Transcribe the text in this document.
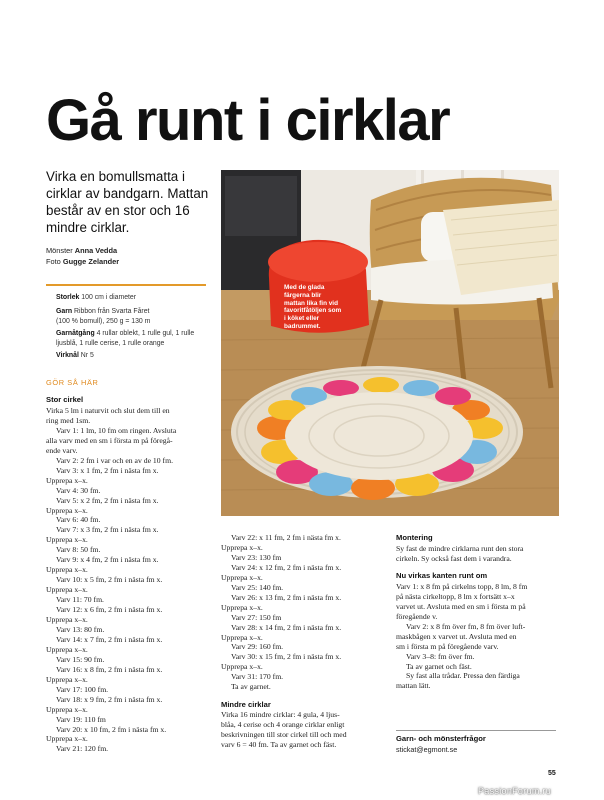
Gå runt i cirklar
Virka en bomullsmatta i cirklar av bandgarn. Mattan består av en stor och 16 mindre cirklar.
Mönster Anna Vedda
Foto Gugge Zelander
Storlek 100 cm i diameter
Garn Ribbon från Svarta Fåret
(100 % bomull), 250 g = 130 m
Garnåtgång 4 rullar oblekt, 1 rulle gul, 1 rulle
ljusblå, 1 rulle cerise, 1 rulle orange
Virknål Nr 5
GÖR SÅ HÄR
Stor cirkel
Virka 5 lm i naturvit och slut dem till en
ring med 1sm.
Varv 1: 1 lm, 10 fm om ringen. Avsluta
alla varv med en sm i första m på föregå-
ende varv.
Varv 2: 2 fm i var och en av de 10 fm.
Varv 3: x 1 fm, 2 fm i nästa fm x.
Upprepa x–x.
Varv 4: 30 fm.
Varv 5: x 2 fm, 2 fm i nästa fm x.
Upprepa x–x.
Varv 6: 40 fm.
Varv 7: x 3 fm, 2 fm i nästa fm x.
Upprepa x–x.
Varv 8: 50 fm.
Varv 9: x 4 fm, 2 fm i nästa fm x.
Upprepa x–x.
Varv 10: x 5 fm, 2 fm i nästa fm x.
Upprepa x–x.
Varv 11: 70 fm.
Varv 12: x 6 fm, 2 fm i nästa fm x.
Upprepa x–x.
Varv 13: 80 fm.
Varv 14: x 7 fm, 2 fm i nästa fm x.
Upprepa x–x.
Varv 15: 90 fm.
Varv 16: x 8 fm, 2 fm i nästa fm x.
Upprepa x–x.
Varv 17: 100 fm.
Varv 18: x 9 fm, 2 fm i nästa fm x.
Upprepa x–x.
Varv 19: 110 fm
Varv 20: x 10 fm, 2 fm i nästa fm x.
Upprepa x–x.
Varv 21: 120 fm.
Varv 22: x 11 fm, 2 fm i nästa fm x.
Upprepa x–x.
Varv 23: 130 fm
Varv 24: x 12 fm, 2 fm i nästa fm x.
Upprepa x–x.
Varv 25: 140 fm.
Varv 26: x 13 fm, 2 fm i nästa fm x.
Upprepa x–x.
Varv 27: 150 fm
Varv 28: x 14 fm, 2 fm i nästa fm x.
Upprepa x–x.
Varv 29: 160 fm.
Varv 30: x 15 fm, 2 fm i nästa fm x.
Upprepa x–x.
Varv 31: 170 fm.
Ta av garnet.
Mindre cirklar
Virka 16 mindre cirklar: 4 gula, 4 ljus-
blåa, 4 cerise och 4 orange cirklar enligt
beskrivningen till stor cirkel till och med
varv 6 = 40 fm. Ta av garnet och fäst.
Montering
Sy fast de mindre cirklarna runt den stora
cirkeln. Sy också fast dem i varandra.
Nu virkas kanten runt om
Varv 1: x 8 fm på cirkelns topp, 8 lm, 8 fm
på nästa cirkeltopp, 8 lm x fortsätt x–x
varvet ut. Avsluta med en sm i första m på
föregående v.
Varv 2: x 8 fm över fm, 8 fm över luft-
maskbågen x varvet ut. Avsluta med en
sm i första m på föregående varv.
Varv 3–8: fm över fm.
Ta av garnet och fäst.
Sy fast alla trådar. Pressa den färdiga
mattan lätt.
Garn- och mönsterfrågor
stickat@egmont.se
Med de glada färgerna blir mattan lika fin vid favoritfåtöljen som i köket eller badrummet.
55
PassionForum.ru
